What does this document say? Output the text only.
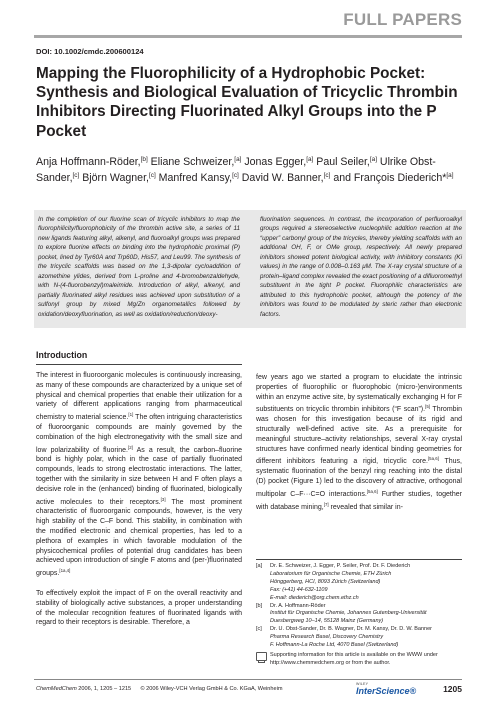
FULL PAPERS
DOI: 10.1002/cmdc.200600124
Mapping the Fluorophilicity of a Hydrophobic Pocket: Synthesis and Biological Evaluation of Tricyclic Thrombin Inhibitors Directing Fluorinated Alkyl Groups into the P Pocket
Anja Hoffmann-Röder,[b] Eliane Schweizer,[a] Jonas Egger,[a] Paul Seiler,[a] Ulrike Obst-Sander,[c] Björn Wagner,[c] Manfred Kansy,[c] David W. Banner,[c] and François Diederich*[a]
In the completion of our fluorine scan of tricyclic inhibitors to map the fluorophilicity/fluorophobicity of the thrombin active site, a series of 11 new ligands featuring alkyl, alkenyl, and fluoroalkyl groups was prepared to explore fluorine effects on binding into the hydrophobic proximal (P) pocket, lined by Tyr60A and Trp60D, His57, and Leu99. The synthesis of the tricyclic scaffolds was based on the 1,3-dipolar cycloaddition of azomethine ylides, derived from L-proline and 4-bromobenzaldehyde, with N-(4-fluorobenzyl)maleimide. Introduction of alkyl, alkenyl, and partially fluorinated alkyl residues was achieved upon substitution of a sulfonyl group by mixed Mg/Zn organometallics followed by oxidation/deoxyfluorination, as well as oxidation/reduction/deoxy-
fluorination sequences. In contrast, the incorporation of perfluoroalkyl groups required a stereoselective nucleophilic addition reaction at the “upper” carbonyl group of the tricycles, thereby yielding scaffolds with an additional OH, F, or OMe group, respectively. All newly prepared inhibitors showed potent biological activity, with inhibitory constants (Ki values) in the range of 0.008–0.163 μM. The X-ray crystal structure of a protein–ligand complex revealed the exact positioning of a difluoromethyl substituent in the tight P pocket. Fluorophilic characteristics are attributed to this hydrophobic pocket, although the potency of the inhibitors was found to be modulated by steric rather than electronic factors.
Introduction

The interest in fluoroorganic molecules is continuously increasing, as many of these compounds are characterized by a unique set of physical and chemical properties that enable their utilization for a variety of different applications ranging from pharmaceutical chemistry to material science.[1] The often intriguing characteristics of fluoroorganic compounds are mainly governed by the combination of the high electronegativity with the small size and low polarizability of fluorine.[2] As a result, the carbon–fluorine bond is highly polar, which in the case of partially fluorinated compounds, leads to strong electrostatic interactions. The latter, together with the similarity in size between H and F often plays a decisive role in the (enhanced) binding of fluorinated, biologically active molecules to their receptors.[3] The most prominent characteristic of fluoroorganic compounds, however, is the very high stability of the C–F bond. This stability, in combination with the modified electronic and chemical properties, has led to a plethora of examples in which favorable modulation of the physicochemical profiles of potential drug candidates has been achieved upon introduction of single F atoms and (per-)fluorinated groups.[1a,4]

To effectively exploit the impact of F on the overall reactivity and stability of biologically active substances, a proper understanding of the molecular recognition features of fluorinated ligands with regard to their receptors is desirable. Therefore, a

few years ago we started a program to elucidate the intrinsic properties of fluorophilic or fluorophobic (micro-)environments within an enzyme active site, by systematically exchanging H for F substituents on tricyclic thrombin inhibitors (“F scan”).[5] Thrombin was chosen for this investigation because of its rigid and structurally well-defined active site. As a prerequisite for meaningful structure–activity relationships, several X-ray crystal structures have confirmed nearly identical binding geometries for different inhibitors featuring a rigid, tricyclic core.[5a,6] Thus, systematic fluorination of the benzyl ring reaching into the distal (D) pocket (Figure 1) led to the discovery of attractive, orthogonal multipolar C–F···C=O interactions.[5a,6] Further studies, together with database mining,[7] revealed that similar in-

[a]	Dr. E. Schweizer, J. Egger, P. Seiler, Prof. Dr. F. Diederich
Laboratorium für Organische Chemie, ETH Zürich
Hönggerberg, HCI, 8093 Zürich (Switzerland)
Fax: (+41) 44-632-1109
E-mail: diederich@org.chem.ethz.ch
[b]	Dr. A. Hoffmann-Röder
Institut für Organische Chemie, Johannes Gutenberg-Universität
Duesbergweg 10–14, 55128 Mainz (Germany)
[c]	Dr. U. Obst-Sander, Dr. B. Wagner, Dr. M. Kansy, Dr. D. W. Banner
Pharma Research Basel, Discovery Chemistry
F. Hoffmann-La Roche Ltd, 4070 Basel (Switzerland)
Supporting information for this article is available on the WWW under http://www.chemmedchem.org or from the author.
ChemMedChem 2006, 1, 1205 – 1215 © 2006 Wiley-VCH Verlag GmbH & Co. KGaA, Weinheim
WILEY
InterScience®	1205
